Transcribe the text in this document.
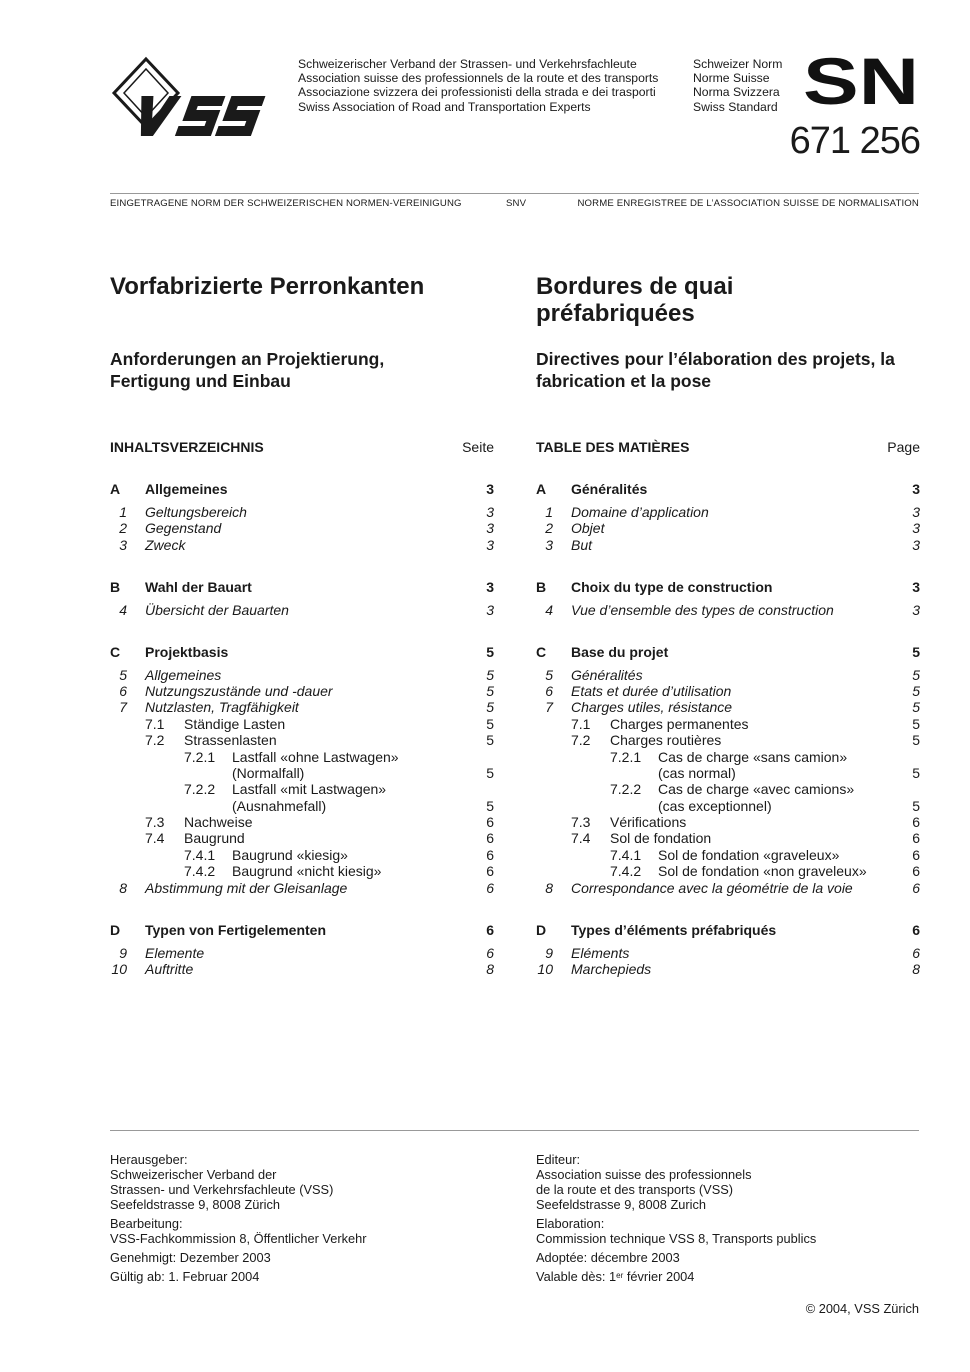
Schweizerischer Verband der Strassen- und Verkehrsfachleute
Association suisse des professionnels de la route et des transports
Associazione svizzera dei professionisti della strada e dei trasporti
Swiss Association of Road and Transportation Experts
Schweizer Norm
Norme Suisse
Norma Svizzera
Swiss Standard SN
671 256
EINGETRAGENE NORM DER SCHWEIZERISCHEN NORMEN-VEREINIGUNG	SNV	NORME ENREGISTREE DE L’ASSOCIATION SUISSE DE NORMALISATION
Vorfabrizierte Perronkanten	Bordures de quai préfabriquées
Anforderungen an Projektierung, Fertigung und Einbau
Directives pour l’élaboration des projets, la fabrication et la pose
INHALTSVERZEICHNIS	Seite
A Allgemeines	3
1 Geltungsbereich	3
2 Gegenstand	3
3 Zweck	3
B Wahl der Bauart	3
4 Übersicht der Bauarten	3
C Projektbasis	5
5 Allgemeines	5
6 Nutzungszustände und -dauer	5
7 Nutzlasten, Tragfähigkeit	5
7.1 Ständige Lasten	5
7.2 Strassenlasten	5
7.2.1 Lastfall «ohne Lastwagen»
(Normalfall)	5
7.2.2 Lastfall «mit Lastwagen»
(Ausnahmefall)	5
7.3 Nachweise	6
7.4 Baugrund	6
7.4.1 Baugrund «kiesig»	6
7.4.2 Baugrund «nicht kiesig»	6
8 Abstimmung mit der Gleisanlage	6
D Typen von Fertigelementen	6
9 Elemente	6
10 Auftritte	8
TABLE DES MATIÈRES	Page
A Généralités	3
1 Domaine d’application	3
2 Objet	3
3 But	3
B Choix du type de construction	3
4 Vue d’ensemble des types de construction	3
C Base du projet	5
5 Généralités	5
6 Etats et durée d’utilisation	5
7 Charges utiles, résistance	5
7.1 Charges permanentes	5
7.2 Charges routières	5
7.2.1 Cas de charge «sans camion»
(cas normal)	5
7.2.2 Cas de charge «avec camions»
(cas exceptionnel)	5
7.3 Vérifications	6
7.4 Sol de fondation	6
7.4.1 Sol de fondation «graveleux»	6
7.4.2 Sol de fondation «non graveleux»	6
8 Correspondance avec la géométrie de la voie	6
D Types d’éléments préfabriqués	6
9 Eléments	6
10 Marchepieds	8

Herausgeber:
Schweizerischer Verband der
Strassen- und Verkehrsfachleute (VSS)
Seefeldstrasse 9, 8008 Zürich

Bearbeitung:
VSS-Fachkommission 8, Öffentlicher Verkehr

Genehmigt: Dezember 2003

Gültig ab: 1. Februar 2004

Editeur:
Association suisse des professionnels
de la route et des transports (VSS)
Seefeldstrasse 9, 8008 Zurich

Elaboration:
Commission technique VSS 8, Transports publics

Adoptée: décembre 2003

Valable dès: 1er février 2004

© 2004, VSS Zürich
